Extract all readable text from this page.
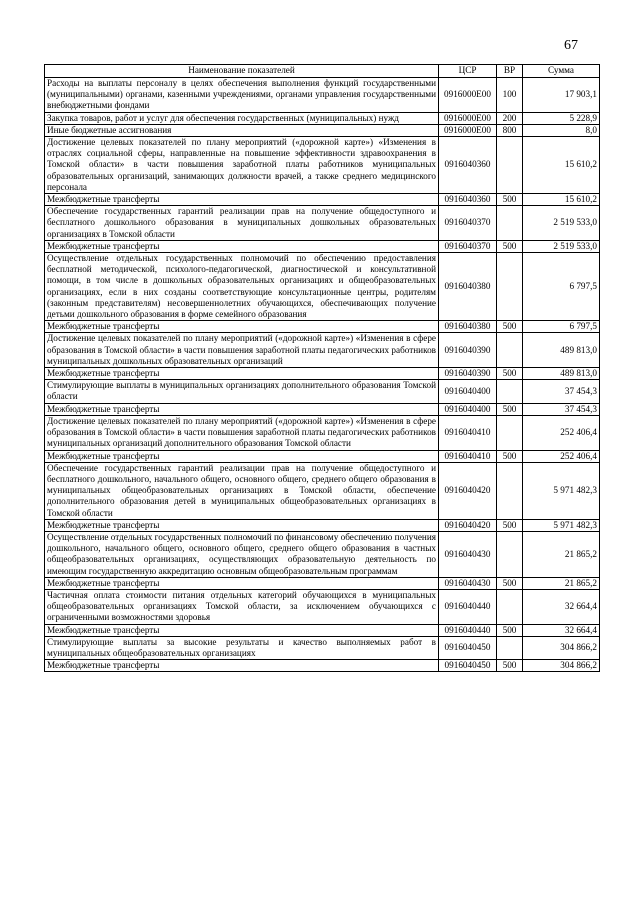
67
Наименование показателей	ЦСР	ВР	Сумма
Расходы на выплаты персоналу в целях обеспечения выполнения функций государственными (муниципальными) органами, казенными учреждениями, органами управления государственными внебюджетными фондами	0916000Е00	100	17 903,1
Закупка товаров, работ и услуг для обеспечения государственных (муниципальных) нужд	0916000Е00	200	5 228,9
Иные бюджетные ассигнования	0916000Е00	800	8,0
Достижение целевых показателей по плану мероприятий («дорожной карте») «Изменения в отраслях социальной сферы, направленные на повышение эффективности здравоохранения в Томской области» в части повышения заработной платы работников муниципальных образовательных организаций, занимающих должности врачей, а также среднего медицинского персонала	0916040360		15 610,2
Межбюджетные трансферты	0916040360	500	15 610,2
Обеспечение государственных гарантий реализации прав на получение общедоступного и бесплатного дошкольного образования в муниципальных дошкольных образовательных организациях в Томской области	0916040370		2 519 533,0
Межбюджетные трансферты	0916040370	500	2 519 533,0
Осуществление отдельных государственных полномочий по обеспечению предоставления бесплатной методической, психолого-педагогической, диагностической и консультативной помощи, в том числе в дошкольных образовательных организациях и общеобразовательных организациях, если в них созданы соответствующие консультационные центры, родителям (законным представителям) несовершеннолетних обучающихся, обеспечивающих получение детьми дошкольного образования в форме семейного образования	0916040380		6 797,5
Межбюджетные трансферты	0916040380	500	6 797,5
Достижение целевых показателей по плану мероприятий («дорожной карте») «Изменения в сфере образования в Томской области» в части повышения заработной платы педагогических работников муниципальных дошкольных образовательных организаций	0916040390		489 813,0
Межбюджетные трансферты	0916040390	500	489 813,0
Стимулирующие выплаты в муниципальных организациях дополнительного образования Томской области	0916040400		37 454,3
Межбюджетные трансферты	0916040400	500	37 454,3
Достижение целевых показателей по плану мероприятий («дорожной карте») «Изменения в сфере образования в Томской области» в части повышения заработной платы педагогических работников муниципальных организаций дополнительного образования Томской области	0916040410		252 406,4
Межбюджетные трансферты	0916040410	500	252 406,4
Обеспечение государственных гарантий реализации прав на получение общедоступного и бесплатного дошкольного, начального общего, основного общего, среднего общего образования в муниципальных общеобразовательных организациях в Томской области, обеспечение дополнительного образования детей в муниципальных общеобразовательных организациях в Томской области	0916040420		5 971 482,3
Межбюджетные трансферты	0916040420	500	5 971 482,3
Осуществление отдельных государственных полномочий по финансовому обеспечению получения дошкольного, начального общего, основного общего, среднего общего образования в частных общеобразовательных организациях, осуществляющих образовательную деятельность по имеющим государственную аккредитацию основным общеобразовательным программам	0916040430		21 865,2
Межбюджетные трансферты	0916040430	500	21 865,2
Частичная оплата стоимости питания отдельных категорий обучающихся в муниципальных общеобразовательных организациях Томской области, за исключением обучающихся с ограниченными возможностями здоровья	0916040440		32 664,4
Межбюджетные трансферты	0916040440	500	32 664,4
Стимулирующие выплаты за высокие результаты и качество выполняемых работ в муниципальных общеобразовательных организациях	0916040450		304 866,2
Межбюджетные трансферты	0916040450	500	304 866,2
